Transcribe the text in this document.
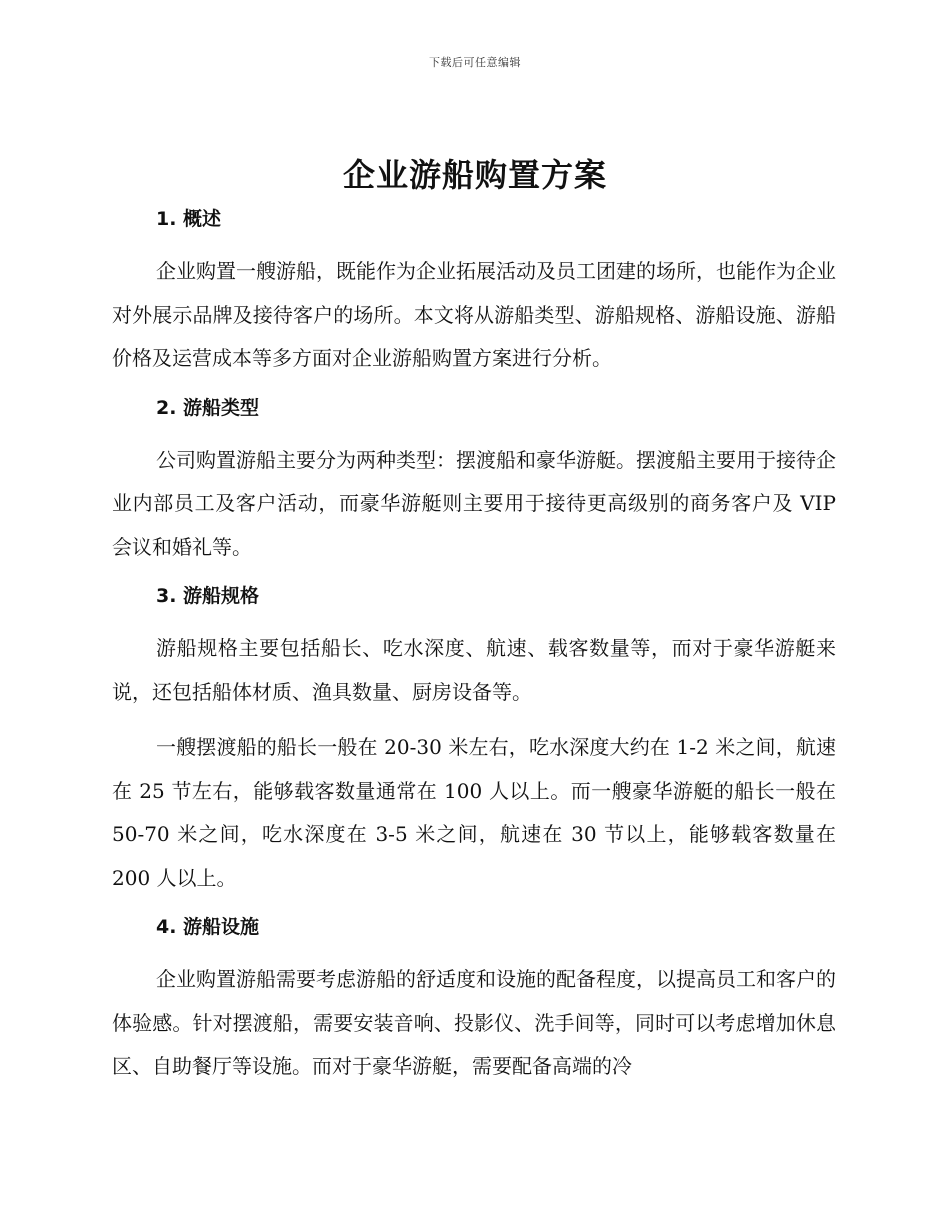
下载后可任意编辑
企业游船购置方案
1. 概述

企业购置一艘游船，既能作为企业拓展活动及员工团建的场所，也能作为企业对外展示品牌及接待客户的场所。本文将从游船类型、游船规格、游船设施、游船价格及运营成本等多方面对企业游船购置方案进行分析。

2. 游船类型

公司购置游船主要分为两种类型：摆渡船和豪华游艇。摆渡船主要用于接待企业内部员工及客户活动，而豪华游艇则主要用于接待更高级别的商务客户及 VIP 会议和婚礼等。

3. 游船规格

游船规格主要包括船长、吃水深度、航速、载客数量等，而对于豪华游艇来说，还包括船体材质、渔具数量、厨房设备等。

一艘摆渡船的船长一般在 20-30 米左右，吃水深度大约在 1-2 米之间，航速在 25 节左右，能够载客数量通常在 100 人以上。而一艘豪华游艇的船长一般在 50-70 米之间，吃水深度在 3-5 米之间，航速在 30 节以上，能够载客数量在 200 人以上。

4. 游船设施

企业购置游船需要考虑游船的舒适度和设施的配备程度，以提高员工和客户的体验感。针对摆渡船，需要安装音响、投影仪、洗手间等，同时可以考虑增加休息区、自助餐厅等设施。而对于豪华游艇，需要配备高端的冷
